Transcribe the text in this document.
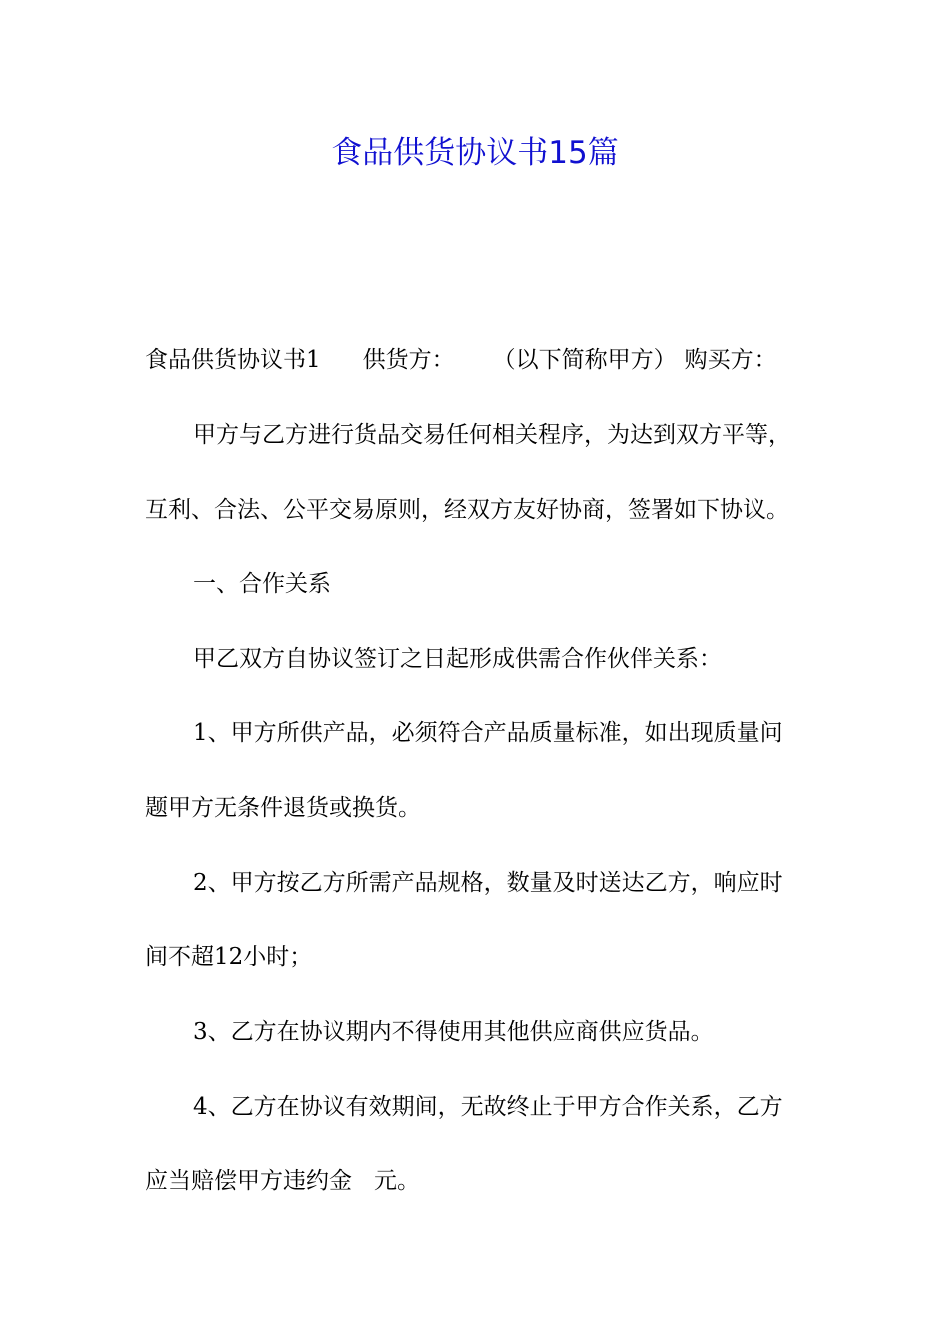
食品供货协议书15篇
食品供货协议书1 供货方： （以下简称甲方） 购买方：
甲方与乙方进行货品交易任何相关程序，为达到双方平等，
互利、合法、公平交易原则，经双方友好协商，签署如下协议。
一、合作关系
甲乙双方自协议签订之日起形成供需合作伙伴关系：
1、甲方所供产品，必须符合产品质量标准，如出现质量问
题甲方无条件退货或换货。
2、甲方按乙方所需产品规格，数量及时送达乙方，响应时
间不超12小时；
3、乙方在协议期内不得使用其他供应商供应货品。
4、乙方在协议有效期间，无故终止于甲方合作关系，乙方
应当赔偿甲方违约金 元。
